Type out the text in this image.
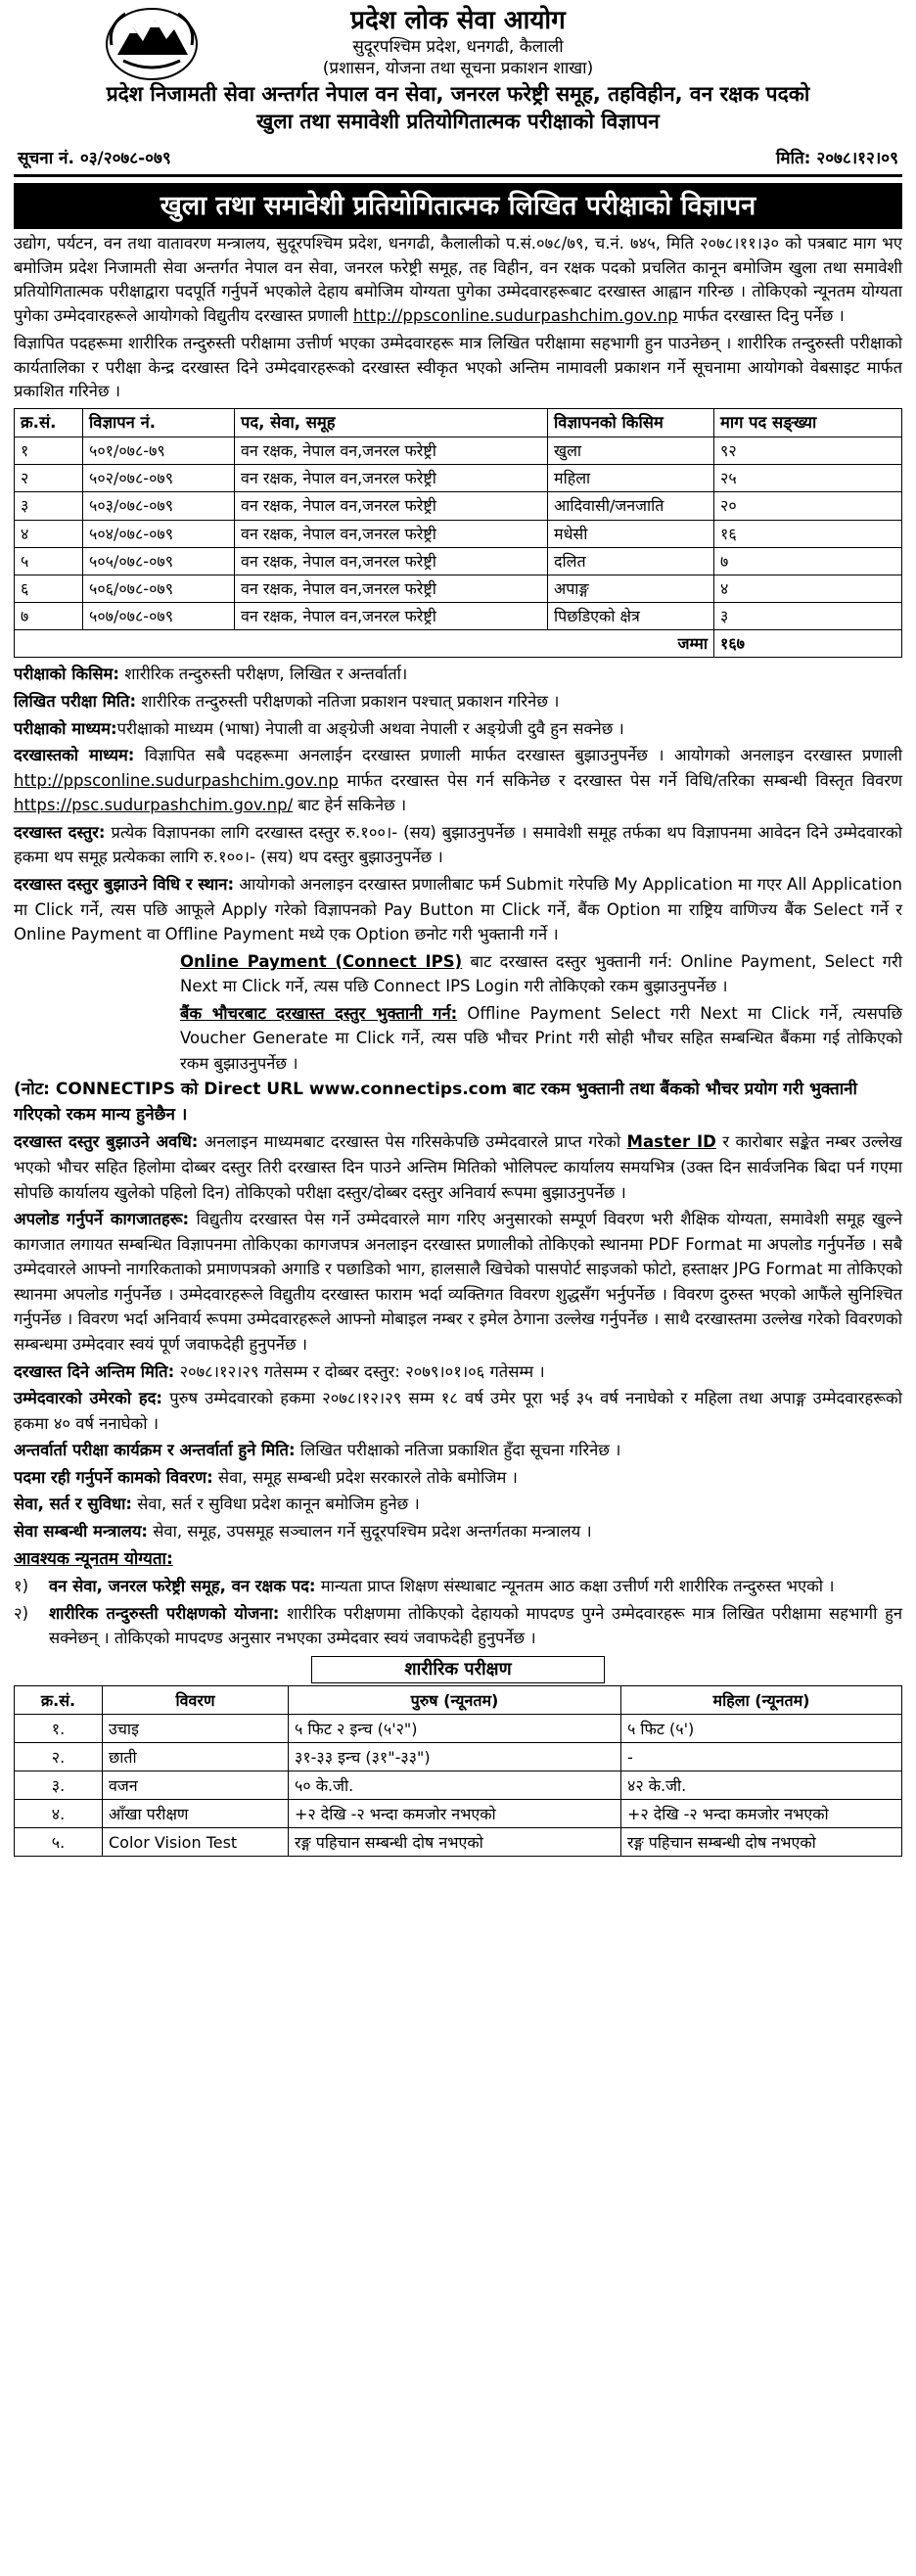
प्रदेश लोक सेवा आयोग
सुदूरपश्चिम प्रदेश, धनगढी, कैलाली
(प्रशासन, योजना तथा सूचना प्रकाशन शाखा)
प्रदेश निजामती सेवा अन्तर्गत नेपाल वन सेवा, जनरल फरेष्ट्री समूह, तहविहीन, वन रक्षक पदको
खुला तथा समावेशी प्रतियोगितात्मक परीक्षाको विज्ञापन
सूचना नं. ०३/२०७८-०७९	मिति: २०७८।१२।०९
खुला तथा समावेशी प्रतियोगितात्मक लिखित परीक्षाको विज्ञापन

उद्योग, पर्यटन, वन तथा वातावरण मन्त्रालय, सुदूरपश्चिम प्रदेश, धनगढी, कैलालीको प.सं.०७८/७९, च.नं. ७४५, मिति २०७८।११।३० को पत्रबाट माग भए बमोजिम प्रदेश निजामती सेवा अन्तर्गत नेपाल वन सेवा, जनरल फरेष्ट्री समूह, तह विहीन, वन रक्षक पदको प्रचलित कानून बमोजिम खुला तथा समावेशी प्रतियोगितात्मक परीक्षाद्वारा पदपूर्ति गर्नुपर्ने भएकोले देहाय बमोजिम योग्यता पुगेका उम्मेदवारहरूबाट दरखास्त आह्वान गरिन्छ । तोकिएको न्यूनतम योग्यता पुगेका उम्मेदवारहरूले आयोगको विद्युतीय दरखास्त प्रणाली http://ppsconline.sudurpashchim.gov.np मार्फत दरखास्त दिनु पर्नेछ ।

विज्ञापित पदहरूमा शारीरिक तन्दुरुस्ती परीक्षामा उत्तीर्ण भएका उम्मेदवारहरू मात्र लिखित परीक्षामा सहभागी हुन पाउनेछन् । शारीरिक तन्दुरुस्ती परीक्षाको कार्यतालिका र परीक्षा केन्द्र दरखास्त दिने उम्मेदवारहरूको दरखास्त स्वीकृत भएको अन्तिम नामावली प्रकाशन गर्ने सूचनामा आयोगको वेबसाइट मार्फत प्रकाशित गरिनेछ ।

क्र.सं.	विज्ञापन नं.	पद, सेवा, समूह	विज्ञापनको किसिम	माग पद सङ्ख्या
१	५०१/०७८-७९	वन रक्षक, नेपाल वन,जनरल फरेष्ट्री	खुला	९२
२	५०२/०७८-०७९	वन रक्षक, नेपाल वन,जनरल फरेष्ट्री	महिला	२५
३	५०३/०७८-०७९	वन रक्षक, नेपाल वन,जनरल फरेष्ट्री	आदिवासी/जनजाति	२०
४	५०४/०७८-०७९	वन रक्षक, नेपाल वन,जनरल फरेष्ट्री	मधेसी	१६
५	५०५/०७८-०७९	वन रक्षक, नेपाल वन,जनरल फरेष्ट्री	दलित	७
६	५०६/०७८-०७९	वन रक्षक, नेपाल वन,जनरल फरेष्ट्री	अपाङ्ग	४
७	५०७/०७८-०७९	वन रक्षक, नेपाल वन,जनरल फरेष्ट्री	पिछडिएको क्षेत्र	३
जम्मा				१६७
परीक्षाको किसिम: शारीरिक तन्दुरुस्ती परीक्षण, लिखित र अन्तर्वार्ता।
लिखित परीक्षा मिति: शारीरिक तन्दुरुस्ती परीक्षणको नतिजा प्रकाशन पश्चात् प्रकाशन गरिनेछ ।
परीक्षाको माध्यम:परीक्षाको माध्यम (भाषा) नेपाली वा अङ्ग्रेजी अथवा नेपाली र अङ्ग्रेजी दुवै हुन सक्नेछ ।
दरखास्तको माध्यम: विज्ञापित सबै पदहरूमा अनलाईन दरखास्त प्रणाली मार्फत दरखास्त बुझाउनुपर्नेछ । आयोगको अनलाइन दरखास्त प्रणाली http://ppsconline.sudurpashchim.gov.np मार्फत दरखास्त पेस गर्न सकिनेछ र दरखास्त पेस गर्ने विधि/तरिका सम्बन्धी विस्तृत विवरण https://psc.sudurpashchim.gov.np/ बाट हेर्न सकिनेछ ।
दरखास्त दस्तुर: प्रत्येक विज्ञापनका लागि दरखास्त दस्तुर रु.१००।- (सय) बुझाउनुपर्नेछ । समावेशी समूह तर्फका थप विज्ञापनमा आवेदन दिने उम्मेदवारको हकमा थप समूह प्रत्येकका लागि रु.१००।- (सय) थप दस्तुर बुझाउनुपर्नेछ ।
दरखास्त दस्तुर बुझाउने विधि र स्थान: आयोगको अनलाइन दरखास्त प्रणालीबाट फर्म Submit गरेपछि My Application मा गएर All Application मा Click गर्ने, त्यस पछि आफूले Apply गरेको विज्ञापनको Pay Button मा Click गर्ने, बैंक Option मा राष्ट्रिय वाणिज्य बैंक Select गर्ने र Online Payment वा Offline Payment मध्ये एक Option छनोट गरी भुक्तानी गर्ने ।
Online Payment (Connect IPS) बाट दरखास्त दस्तुर भुक्तानी गर्न: Online Payment, Select गरी Next मा Click गर्ने, त्यस पछि Connect IPS Login गरी तोकिएको रकम बुझाउनुपर्नेछ ।
बैंक भौचरबाट दरखास्त दस्तुर भुक्तानी गर्न: Offline Payment Select गरी Next मा Click गर्ने, त्यसपछि Voucher Generate मा Click गर्ने, त्यस पछि भौचर Print गरी सोही भौचर सहित सम्बन्धित बैंकमा गई तोकिएको रकम बुझाउनुपर्नेछ ।
(नोट: CONNECTIPS को Direct URL www.connectips.com बाट रकम भुक्तानी तथा बैंकको भौचर प्रयोग गरी भुक्तानी गरिएको रकम मान्य हुनेछैन ।
दरखास्त दस्तुर बुझाउने अवधि: अनलाइन माध्यमबाट दरखास्त पेस गरिसकेपछि उम्मेदवारले प्राप्त गरेको Master ID र कारोबार सङ्केत नम्बर उल्लेख भएको भौचर सहित हिलोमा दोब्बर दस्तुर तिरी दरखास्त दिन पाउने अन्तिम मितिको भोलिपल्ट कार्यालय समयभित्र (उक्त दिन सार्वजनिक बिदा पर्न गएमा सोपछि कार्यालय खुलेको पहिलो दिन) तोकिएको परीक्षा दस्तुर/दोब्बर दस्तुर अनिवार्य रूपमा बुझाउनुपर्नेछ ।
अपलोड गर्नुपर्ने कागजातहरू: विद्युतीय दरखास्त पेस गर्ने उम्मेदवारले माग गरिए अनुसारको सम्पूर्ण विवरण भरी शैक्षिक योग्यता, समावेशी समूह खुल्ने कागजात लगायत सम्बन्धित विज्ञापनमा तोकिएका कागजपत्र अनलाइन दरखास्त प्रणालीको तोकिएको स्थानमा PDF Format मा अपलोड गर्नुपर्नेछ । सबै उम्मेदवारले आफ्नो नागरिकताको प्रमाणपत्रको अगाडि र पछाडिको भाग, हालसालै खिचेको पासपोर्ट साइजको फोटो, हस्ताक्षर JPG Format मा तोकिएको स्थानमा अपलोड गर्नुपर्नेछ । उम्मेदवारहरूले विद्युतीय दरखास्त फाराम भर्दा व्यक्तिगत विवरण शुद्धसँग भर्नुपर्नेछ । विवरण दुरुस्त भएको आफैंले सुनिश्चित गर्नुपर्नेछ । विवरण भर्दा अनिवार्य रूपमा उम्मेदवारहरूले आफ्नो मोबाइल नम्बर र इमेल ठेगाना उल्लेख गर्नुपर्नेछ । साथै दरखास्तमा उल्लेख गरेको विवरणको सम्बन्धमा उम्मेदवार स्वयं पूर्ण जवाफदेही हुनुपर्नेछ ।
दरखास्त दिने अन्तिम मिति: २०७८।१२।२९ गतेसम्म र दोब्बर दस्तुर: २०७९।०१।०६ गतेसम्म ।
उम्मेदवारको उमेरको हद: पुरुष उम्मेदवारको हकमा २०७८।१२।२९ सम्म १८ वर्ष उमेर पूरा भई ३५ वर्ष ननाघेको र महिला तथा अपाङ्ग उम्मेदवारहरूको हकमा ४० वर्ष ननाघेको ।
अन्तर्वार्ता परीक्षा कार्यक्रम र अन्तर्वार्ता हुने मिति: लिखित परीक्षाको नतिजा प्रकाशित हुँदा सूचना गरिनेछ ।
पदमा रही गर्नुपर्ने कामको विवरण: सेवा, समूह सम्बन्धी प्रदेश सरकारले तोके बमोजिम ।
सेवा, सर्त र सुविधा: सेवा, सर्त र सुविधा प्रदेश कानून बमोजिम हुनेछ ।
सेवा सम्बन्धी मन्त्रालय: सेवा, समूह, उपसमूह सञ्चालन गर्ने सुदूरपश्चिम प्रदेश अन्तर्गतका मन्त्रालय ।
आवश्यक न्यूनतम योग्यता:
१)	वन सेवा, जनरल फरेष्ट्री समूह, वन रक्षक पद: मान्यता प्राप्त शिक्षण संस्थाबाट न्यूनतम आठ कक्षा उत्तीर्ण गरी शारीरिक तन्दुरुस्त भएको ।
२)	शारीरिक तन्दुरुस्ती परीक्षणको योजना: शारीरिक परीक्षणमा तोकिएको देहायको मापदण्ड पुग्ने उम्मेदवारहरू मात्र लिखित परीक्षामा सहभागी हुन सक्नेछन् । तोकिएको मापदण्ड अनुसार नभएका उम्मेदवार स्वयं जवाफदेही हुनुपर्नेछ ।
शारीरिक परीक्षण
क्र.सं.	विवरण	पुरुष (न्यूनतम)	महिला (न्यूनतम)
१.	उचाइ	५ फिट २ इन्च (५'२")	५ फिट (५')
२.	छाती	३१-३३ इन्च (३१"-३३")	-
३.	वजन	५० के.जी.	४२ के.जी.
४.	आँखा परीक्षण	+२ देखि -२ भन्दा कमजोर नभएको	+२ देखि -२ भन्दा कमजोर नभएको
५.	Color Vision Test	रङ्ग पहिचान सम्बन्धी दोष नभएको	रङ्ग पहिचान सम्बन्धी दोष नभएको
